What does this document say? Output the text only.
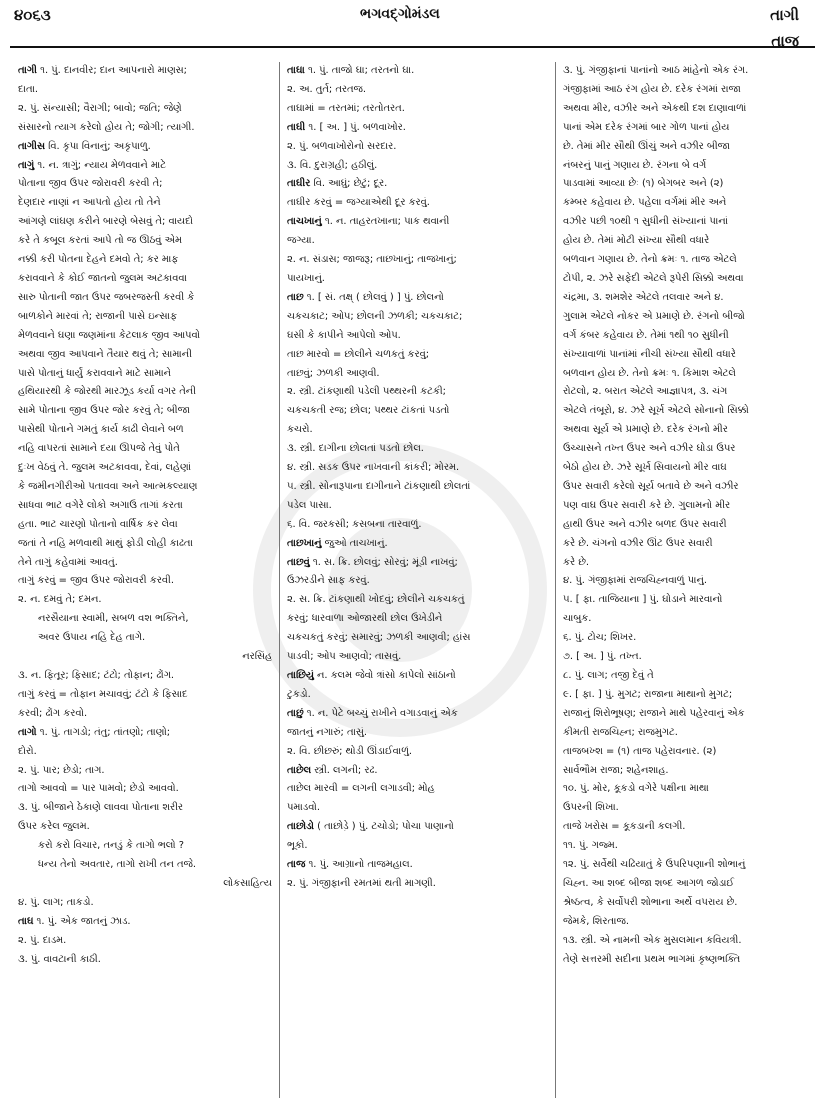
૪૦૬૩	ભગવદ્ગોમંડલ	તાગી
તાજ
તાગી ૧. પું. દાનવીર; દાન આપનારો માણસ;
દાતા.
૨. પું. સંન્યાસી; વૈરાગી; બાવો; જતિ; જેણે
સંસારનો ત્યાગ કરેલો હોય તે; જોગી; ત્યાગી.
તાગીસ વિ. કૃપા વિનાનું; અકૃપાળુ.
તાગું ૧. ન. ત્રાગું; ન્યાય મેળવવાને માટે
પોતાના જીવ ઉપર જોરાવરી કરવી તે;
દેણદાર નાણાં ન આપતો હોય તો તેને
આંગણે લાંઘણ કરીને બારણે બેસવું તે; વાયદો
કરે તે કબૂલ કરતાં આપે તો જ ઊઠવું એમ
નક્કી કરી પોતના દેહને દમવો તે; કર માફ
કરાવવાને કે કોઈ જાતનો જુલમ અટકાવવા
સારુ પોતાની જાત ઉપર જબરજસ્તી કરવી કે
બાળકોને મારવાં તે; રાજાની પાસે ઇન્સાફ
મેળવવાને ઘણા જણમાંના કેટલાક જીવ આપવો
અથવા જીવ આપવાને તૈયાર થવું તે; સામાની
પાસે પોતાનું ધાર્યું કરાવવાને માટે સામાને
હથિયારથી કે જોરથી મારઝૂડ કર્યા વગર તેની
સામે પોતાના જીવ ઉપર જોર કરવું તે; બીજા
પાસેથી પોતાને ગમતું કાર્ય કાઢી લેવાને બળ
નહિ વાપરતાં સામાને દયા ઊપજે તેવું પોતે
દુઃખ વેઠવું તે. જુલમ અટકાવવા, દેવાં, લહેણાં
કે જમીનગીરીઓ પતાવવા અને આત્મકલ્યાણ
સાધવા ભાટ વગેરે લોકો અગાઉ તાગાં કરતા
હતા. ભાટ ચારણો પોતાનો વાર્ષિક કર લેવા
જતાં તે નહિ મળવાથી માથું ફોડી લોહી કાઢતા
તેને તાગું કહેવામાં આવતું.
તાગું કરવું = જીવ ઉપર જોરાવરી કરવી.
૨. ન. દમવું તે; દમન.
નરસૈયાના સ્વામી, સબળ વશ ભક્તિને,
અવર ઉપાય નહિ દેહ તાગે.
નરસિંહ
૩. ન. ફિતૂર; ફિસાદ; ટંટો; તોફાન; ઢોંગ.
તાગું કરવું = તોફાન મચાવવું; ટંટો કે ફિસાદ
કરવી; ઢોંગ કરવો.
તાગો ૧. પું. તાગડો; તંતુ; તાંતણો; તાણો;
દોરો.
૨. પું. પાર; છેડો; તાગ.
તાગો આવવો = પાર પામવો; છેડો આવવો.
૩. પું. બીજાને ઠેકાણે લાવવા પોતાના શરીર
ઉપર કરેલ જુલમ.
કરો કરો વિચાર, તનડું કે તાગો ભલો ?
ધન્ય તેનો અવતાર, તાગો રાખી તન તજે.
લોકસાહિત્ય
૪. પું. લાગ; તાકડો.
તાઘ ૧. પું. એક જાતનું ઝાડ.
૨. પું. દાડમ.
૩. પું. વાવટાની કાઠી.
તાઘા ૧. પું. તાજો ઘા; તરતનો ઘા.
૨. અ. તુર્ત; તરતજ.
તાઘામાં = તરતમાં; તરતોતરત.
તાઘી ૧. [ અ. ] પું. બળવાખોર.
૨. પું. બળવાખોરોનો સરદાર.
૩. વિ. દુરાગ્રહી; હઠીલું.
તાઘીર વિ. આઘું; છેટું; દૂર.
તાઘીર કરવું = જગ્યાએથી દૂર કરવું.
તાચખાનું ૧. ન. તાહરતખાના; પાક થવાની
જગ્યા.
૨. ન. સંડાસ; જાજરૂ; તાછખાનું; તાજખાનું;
પાયખાનું.
તાછ ૧. [ સં. તક્ષ્ ( છોલવું ) ] પું. છોલનો
ચકચકાટ; ઓપ; છોલની ઝળકી; ચકચકાટ;
ઘસી કે કાપીને આપેલો ઓપ.
તાછ મારવો = છોલીને ચળકતું કરવું;
તાછવું; ઝળકી આણવી.
૨. સ્ત્રી. ટાંકણાથી પડેલી પથ્થરની કટકી;
ચકચકતી રજ; છોલ; પથ્થર ટાંકતાં પડતો
કચરો.
૩. સ્ત્રી. દાગીના છોલતાં પડતો છોલ.
૪. સ્ત્રી. સડક ઉપર નાખવાની કાંકરી; મોરમ.
૫. સ્ત્રી. સોનારૂપાના દાગીનાને ટાંકણાથી છોલતાં
પડેલ પાસા.
૬. વિ. જરકસી; કસબના તારવાળું.
તાછખાનું જુઓ તાચખાનું.
તાછવું ૧. સ. ક્રિ. છોલવું; સોરવું; મૂંડી નાખવું;
ઉઝરડીને સાફ કરવું.
૨. સ. ક્રિ. ટાંકણાથી ખોદવું; છોલીને ચકચકતું
કરવું; ધારવાળા ઓજારથી છોલ ઉખેડીને
ચકચકતું કરવું; સમારવું; ઝળકી આણવી; હાંસ
પાડવી; ઓપ આણવો; તાસવું.
તાછિયું ન. કલમ જેવો ત્રાંસો કાપેલો સાંઠાનો
ટુકડો.
તાછું ૧. ન. પેટે બચ્ચું રાખીને વગાડવાનું એક
જાતનું નગારું; તાસું.
૨. વિ. છીછરું; થોડી ઊંડાઈવાળું.
તાછેલ સ્ત્રી. લગની; રઢ.
તાછેલ મારવી = લગની લગાડવી; મોહ
પમાડવો.
તાછોડો ( તાછોડ઼ે ) પું. ટચોડો; પોચા પાણાનો
ભૂકો.
તાજ ૧. પું. આગ્રાનો તાજમહાલ.
૨. પું. ગંજીફાની રમતમાં થતી માગણી.
૩. પું. ગંજીફાનાં પાનાંનો આઠ માંહેનો એક રંગ.
ગંજીફામાં આઠ રંગ હોય છે. દરેક રંગમાં રાજા
અથવા મીર, વઝીર અને એકથી દશ દાણાવાળાં
પાનાં એમ દરેક રંગમાં બાર ગોળ પાનાં હોય
છે. તેમાં મીર સૌથી ઊંચું અને વઝીર બીજા
નંબરનું પાનું ગણાય છે. રંગના બે વર્ગ
પાડવામાં આવ્યા છેઃ (૧) બેગબર અને (૨)
કમ્બર કહેવાય છે. પહેલા વર્ગમાં મીર અને
વઝીર પછી ૧૦થી ૧ સુધીની સંખ્યાનાં પાનાં
હોય છે. તેમાં મોટી સંખ્યા સૌથી વધારે
બળવાન ગણાય છે. તેનો ક્રમઃ ૧. તાજ એટલે
ટોપી, ૨. ઝરે સફેદી એટલે રૂપેરી સિક્કો અથવા
ચંદ્રમા, ૩. શમશેર એટલે તલવાર અને ૪.
ગુલામ એટલે નોકર એ પ્રમાણે છે. રંગનો બીજો
વર્ગ કંબર કહેવાય છે. તેમાં ૧થી ૧૦ સુધીની
સંખ્યાવાળાં પાનાંમાં નીચી સંખ્યા સૌથી વધારે
બળવાન હોય છે. તેનો ક્રમઃ ૧. કિમાશ એટલે
રોટલો, ૨. બરાત એટલે આજ્ઞાપત્ર, ૩. ચંગ
એટલે તંબૂરો, ૪. ઝરે સૂર્ખ એટલે સોનાનો સિક્કો
અથવા સૂર્ય એ પ્રમાણે છે. દરેક રંગનો મીર
ઉચ્ચાસને તખ્ત ઉપર અને વઝીર ઘોડા ઉપર
બેઠો હોય છે. ઝરે સૂર્ખ સિવાયનો મીર વાઘ
ઉપર સવારી કરેલો સૂર્ય બતાવે છે અને વઝીર
પણ વાઘ ઉપર સવારી કરે છે. ગુલામનો મીર
હાથી ઉપર અને વઝીર બળદ ઉપર સવારી
કરે છે. ચંગનો વઝીર ઊંટ ઉપર સવારી
કરે છે.
૪. પું. ગંજીફામાં રાજચિહ્નવાળું પાનું.
૫. [ ફા. તાજિયાના ] પું. ઘોડાને મારવાનો
ચાબુક.
૬. પું. ટોચ; શિખર.
૭. [ અ. ] પું. તખ્ત.
૮. પું. લાગ; તજી દેવું તે
૯. [ ફા. ] પું. મુગટ; રાજાના માથાનો મુગટ;
રાજાનું શિરોભૂષણ; રાજાને માથે પહેરવાનું એક
કીમતી રાજચિહ્ન; રાજમુગટ.
તાજબખ્શ = (૧) તાજ પહેરાવનાર. (૨)
સાર્વભૌમ રાજા; શહેનશાહ.
૧૦. પું. મોર, કૂકડો વગેરે પક્ષીના માથા
ઉપરની શિખા.
તાજે ખરોસ = કૂકડાની કલગી.
૧૧. પું. ગજ્મ.
૧૨. પું. સર્વેથી ચઢિયાતું કે ઉપરિપણાની શોભાનું
ચિહ્ન. આ શબ્દ બીજા શબ્દ આગળ જોડાઈ
શ્રેષ્ઠત્વ, કે સર્વોપરી શોભાના અર્થે વપરાય છે.
જેમકે, શિરતાજ.
૧૩. સ્ત્રી. એ નામની એક મુસલમાન કવિયત્રી.
તેણે સત્તરમી સદીના પ્રથમ ભાગમાં કૃષ્ણભક્તિ
